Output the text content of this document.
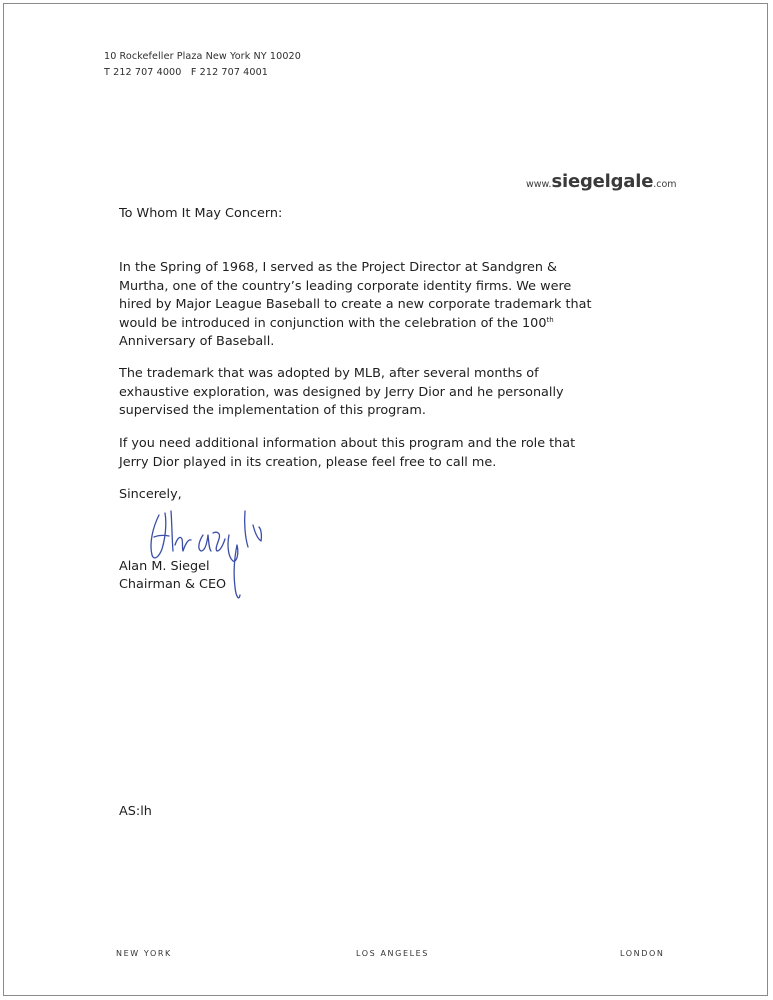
10 Rockefeller Plaza New York NY 10020
T 212 707 4000   F 212 707 4001
www.siegelgale.com
To Whom It May Concern:
In the Spring of 1968, I served as the Project Director at Sandgren &
Murtha, one of the country’s leading corporate identity firms. We were
hired by Major League Baseball to create a new corporate trademark that
would be introduced in conjunction with the celebration of the 100th
Anniversary of Baseball.
The trademark that was adopted by MLB, after several months of
exhaustive exploration, was designed by Jerry Dior and he personally
supervised the implementation of this program.
If you need additional information about this program and the role that
Jerry Dior played in its creation, please feel free to call me.
Sincerely,
Alan M. Siegel
Chairman & CEO
AS:lh
NEW YORK	LOS ANGELES	LONDON
